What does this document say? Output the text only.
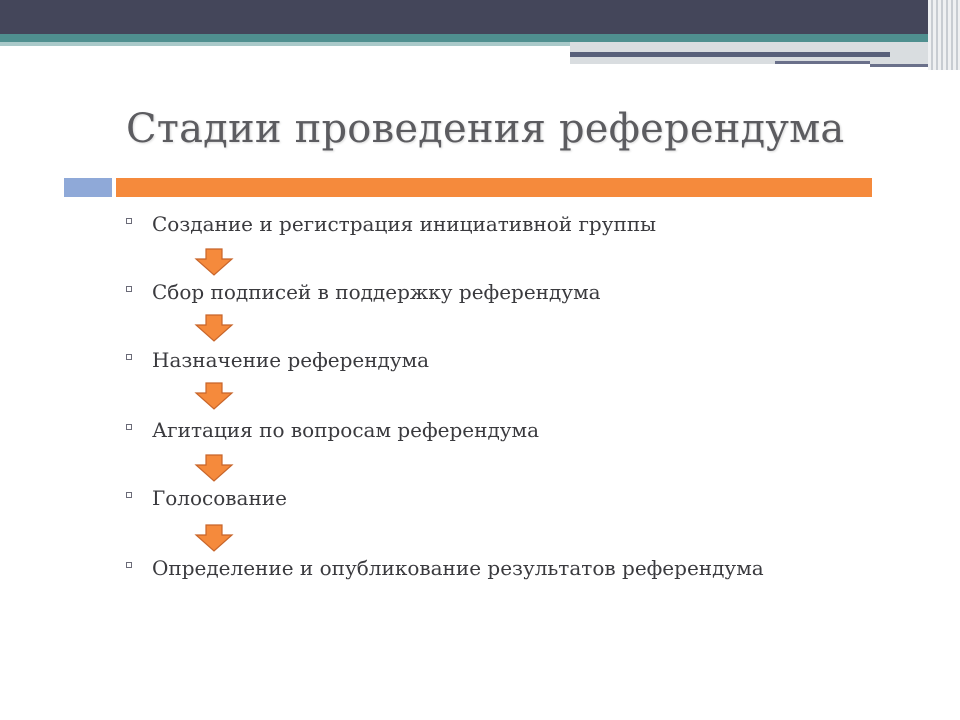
Стадии проведения референдума
Создание и регистрация инициативной группы
Сбор подписей в поддержку референдума
Назначение референдума
Агитация по вопросам референдума
Голосование
Определение и опубликование результатов референдума
